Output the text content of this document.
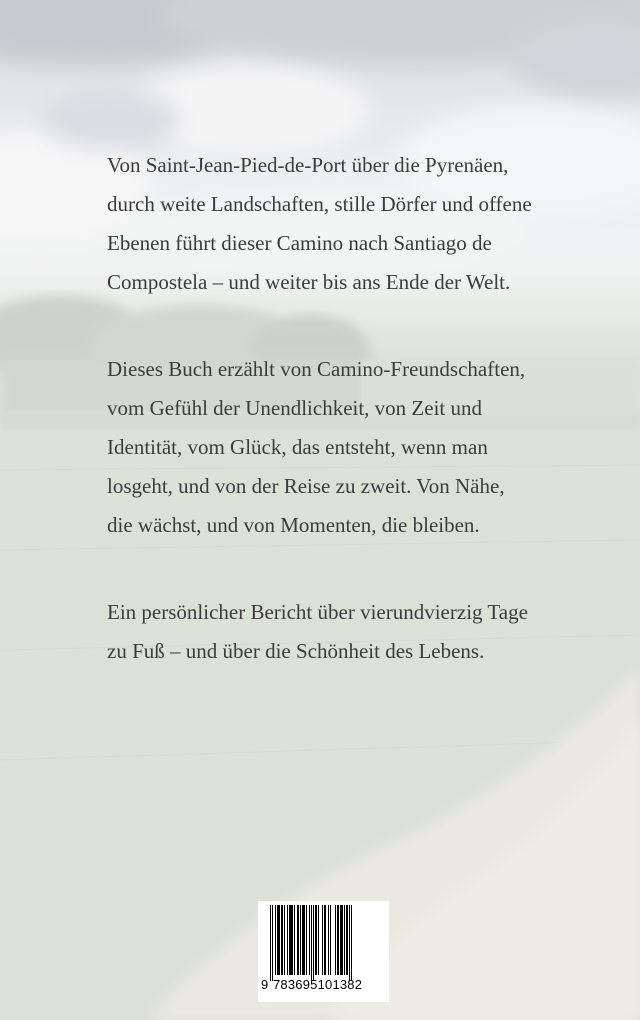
Von Saint-Jean-Pied-de-Port über die Pyrenäen,
durch weite Landschaften, stille Dörfer und offene
Ebenen führt dieser Camino nach Santiago de
Compostela – und weiter bis ans Ende der Welt.

Dieses Buch erzählt von Camino-Freundschaften,
vom Gefühl der Unendlichkeit, von Zeit und
Identität, vom Glück, das entsteht, wenn man
losgeht, und von der Reise zu zweit. Von Nähe,
die wächst, und von Momenten, die bleiben.

Ein persönlicher Bericht über vierundvierzig Tage
zu Fuß – und über die Schönheit des Lebens.

9 783695101382
